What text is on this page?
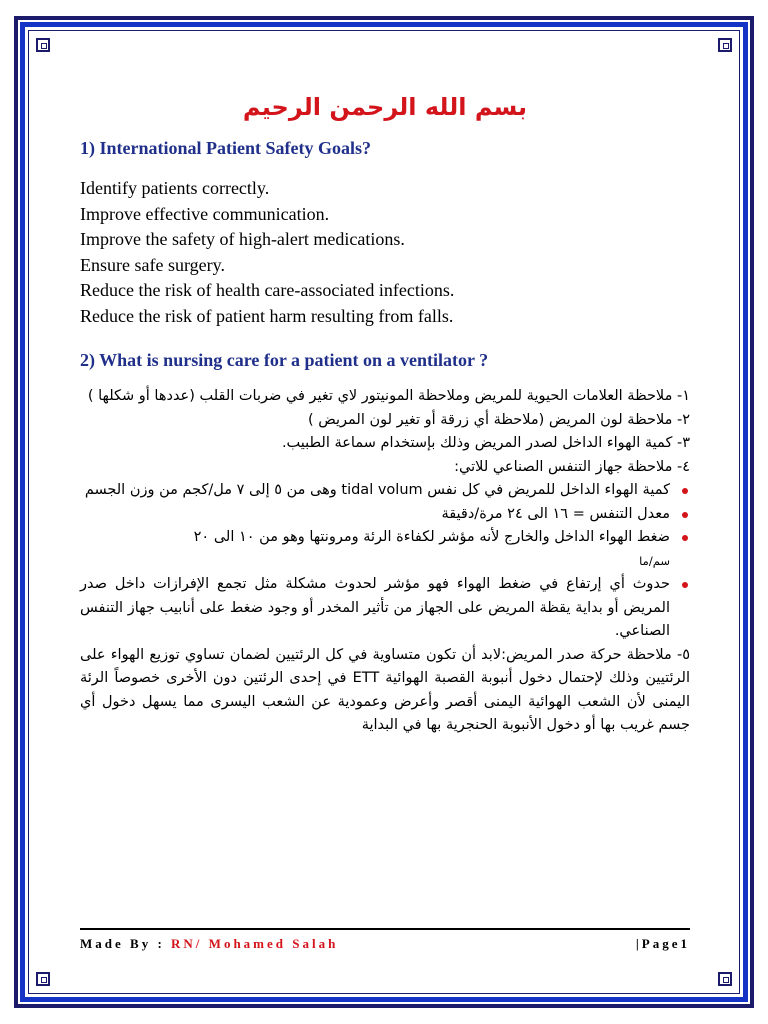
بسم الله الرحمن الرحيم
1) International Patient Safety Goals?
Identify patients correctly.
Improve effective communication.
Improve the safety of high-alert medications.
Ensure safe surgery.
Reduce the risk of health care-associated infections.
Reduce the risk of patient harm resulting from falls.
2) What is nursing care for a patient on a ventilator ?

١- ملاحظة العلامات الحيوية للمريض وملاحظة المونيتور لاي تغير في ضربات القلب (عددها أو شكلها )

٢- ملاحظة لون المريض (ملاحظة أي زرقة أو تغير لون المريض )

٣- كمية الهواء الداخل لصدر المريض وذلك بإستخدام سماعة الطبيب.

٤- ملاحظة جهاز التنفس الصناعي للاتي:

كمية الهواء الداخل للمريض في كل نفس tidal volum وهى من ٥ إلى ٧ مل/كجم من وزن الجسم
معدل التنفس = ١٦ الى ٢٤ مرة/دقيقة
ضغط الهواء الداخل والخارج لأنه مؤشر لكفاءة الرئة ومرونتها وهو من ١٠ الى ٢٠
سم/ما
حدوث أي إرتفاع في ضغط الهواء فهو مؤشر لحدوث مشكلة مثل تجمع الإفرازات داخل صدر المريض أو بداية يقظة المريض على الجهاز من تأثير المخدر أو وجود ضغط على أنابيب جهاز التنفس الصناعي.

٥- ملاحظة حركة صدر المريض:لابد أن تكون متساوية في كل الرئتيين لضمان تساوي توزيع الهواء على الرئتيين وذلك لإحتمال دخول أنبوبة القصبة الهوائية ETT في إحدى الرئتين دون الأخرى خصوصاً الرئة اليمنى لأن الشعب الهوائية اليمنى أقصر وأعرض وعمودية عن الشعب اليسرى مما يسهل دخول أي جسم غريب بها أو دخول الأنبوبة الحنجرية بها في البداية

Made By : RN/ Mohamed Salah	|Page1
